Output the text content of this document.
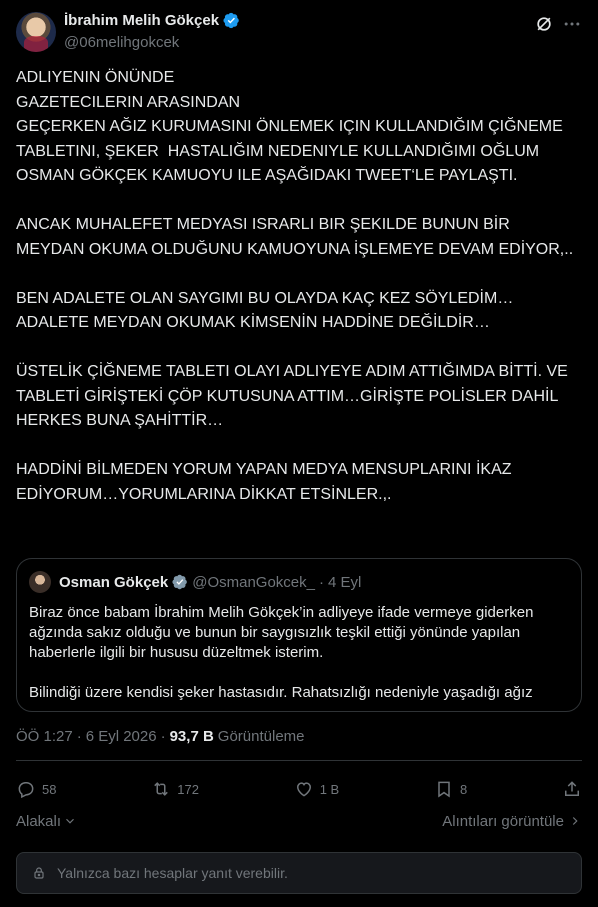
İbrahim Melih Gökçek
@06melihgokcek
ADLIYENIN ÖNÜNDE
GAZETECILERIN ARASINDAN
GEÇERKEN AĞIZ KURUMASINI ÖNLEMEK IÇIN KULLANDIĞIM ÇIĞNEME TABLETINI, ŞEKER  HASTALIĞIM NEDENIYLE KULLANDIĞIMI OĞLUM OSMAN GÖKÇEK KAMUOYU ILE AŞAĞIDAKI TWEET‘LE PAYLAŞTI.

ANCAK MUHALEFET MEDYASI ISRARLI BIR ŞEKILDE BUNUN BİR MEYDAN OKUMA OLDUĞUNU KAMUOYUNA İŞLEMEYE DEVAM EDİYOR,..

BEN ADALETE OLAN SAYGIMI BU OLAYDA KAÇ KEZ SÖYLEDİM…
ADALETE MEYDAN OKUMAK KİMSENİN HADDİNE DEĞİLDİR…

ÜSTELİK ÇİĞNEME TABLETI OLAYI ADLIYEYE ADIM ATTIĞIMDA BİTTİ. VE TABLETİ GİRİŞTEKİ ÇÖP KUTUSUNA ATTIM…GİRİŞTE POLİSLER DAHİL HERKES BUNA ŞAHİTTİR…

HADDİNİ BİLMEDEN YORUM YAPAN MEDYA MENSUPLARINI İKAZ EDİYORUM…YORUMLARINA DİKKAT ETSİNLER.,.
Osman Gökçek @OsmanGokcek_ · 4 Eyl
Biraz önce babam İbrahim Melih Gökçek’in adliyeye ifade vermeye giderken ağzında sakız olduğu ve bunun bir saygısızlık teşkil ettiği yönünde yapılan haberlerle ilgili bir hususu düzeltmek isterim.

Bilindiği üzere kendisi şeker hastasıdır. Rahatsızlığı nedeniyle yaşadığı ağız
ÖÖ 1:27 · 6 Eyl 2026 · 93,7 B Görüntüleme
58	172	1 B	8
Alakalı	Alıntıları görüntüle
Yalnızca bazı hesaplar yanıt verebilir.
